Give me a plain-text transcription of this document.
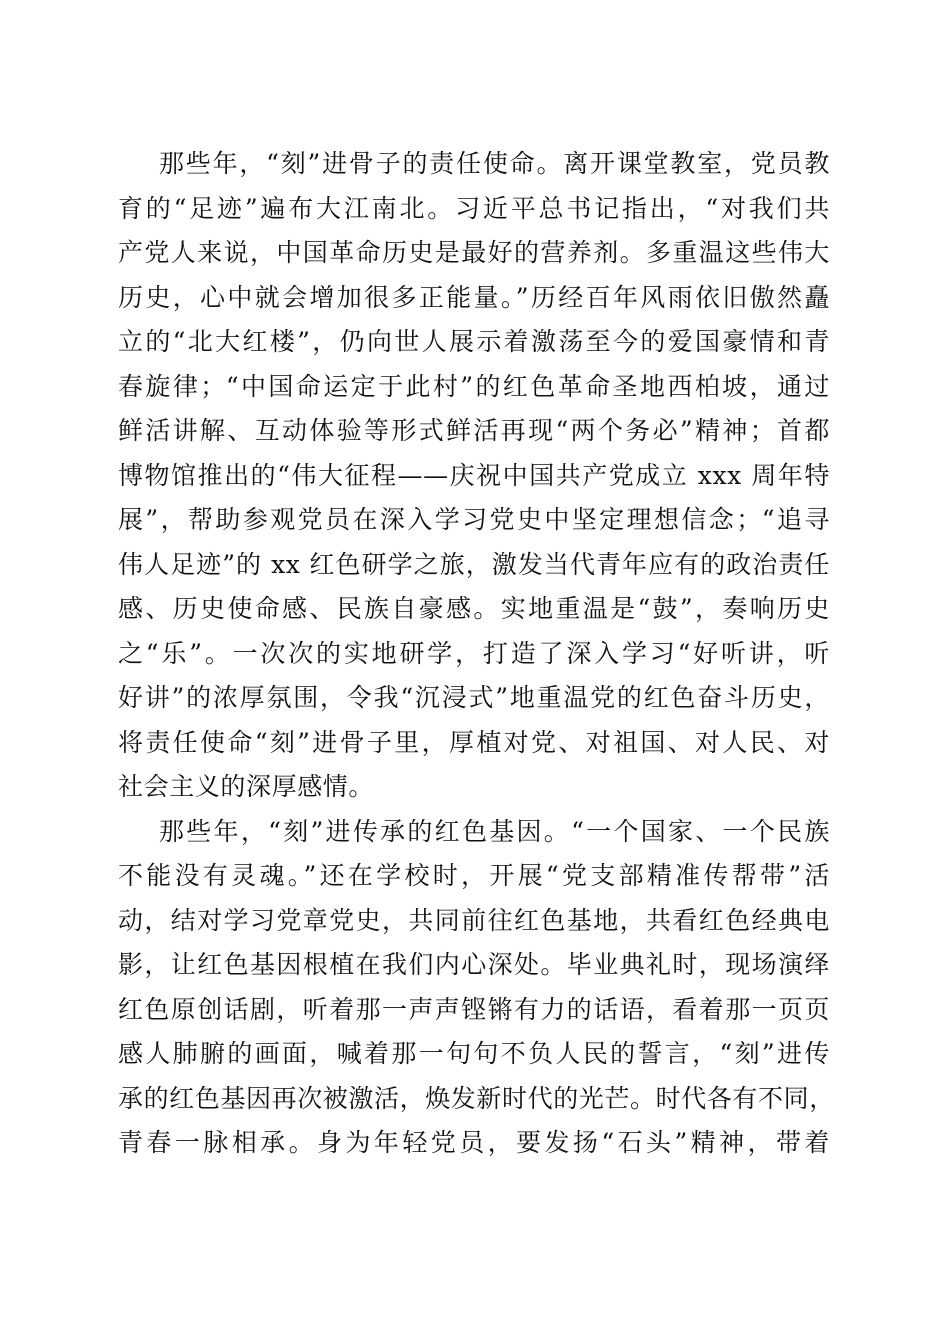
那些年，“刻”进骨子的责任使命。离开课堂教室，党员教
育的“足迹”遍布大江南北。习近平总书记指出，“对我们共
产党人来说，中国革命历史是最好的营养剂。多重温这些伟大
历史，心中就会增加很多正能量。”历经百年风雨依旧傲然矗
立的“北大红楼”，仍向世人展示着激荡至今的爱国豪情和青
春旋律；“中国命运定于此村”的红色革命圣地西柏坡，通过
鲜活讲解、互动体验等形式鲜活再现“两个务必”精神；首都
博物馆推出的“伟大征程——庆祝中国共产党成立 xxx 周年特
展”，帮助参观党员在深入学习党史中坚定理想信念；“追寻
伟人足迹”的 xx 红色研学之旅，激发当代青年应有的政治责任
感、历史使命感、民族自豪感。实地重温是“鼓”，奏响历史
之“乐”。一次次的实地研学，打造了深入学习“好听讲，听
好讲”的浓厚氛围，令我“沉浸式”地重温党的红色奋斗历史，
将责任使命“刻”进骨子里，厚植对党、对祖国、对人民、对
社会主义的深厚感情。
那些年，“刻”进传承的红色基因。“一个国家、一个民族
不能没有灵魂。”还在学校时，开展“党支部精准传帮带”活
动，结对学习党章党史，共同前往红色基地，共看红色经典电
影，让红色基因根植在我们内心深处。毕业典礼时，现场演绎
红色原创话剧，听着那一声声铿锵有力的话语，看着那一页页
感人肺腑的画面，喊着那一句句不负人民的誓言，“刻”进传
承的红色基因再次被激活，焕发新时代的光芒。时代各有不同，
青春一脉相承。身为年轻党员，要发扬“石头”精神，带着
